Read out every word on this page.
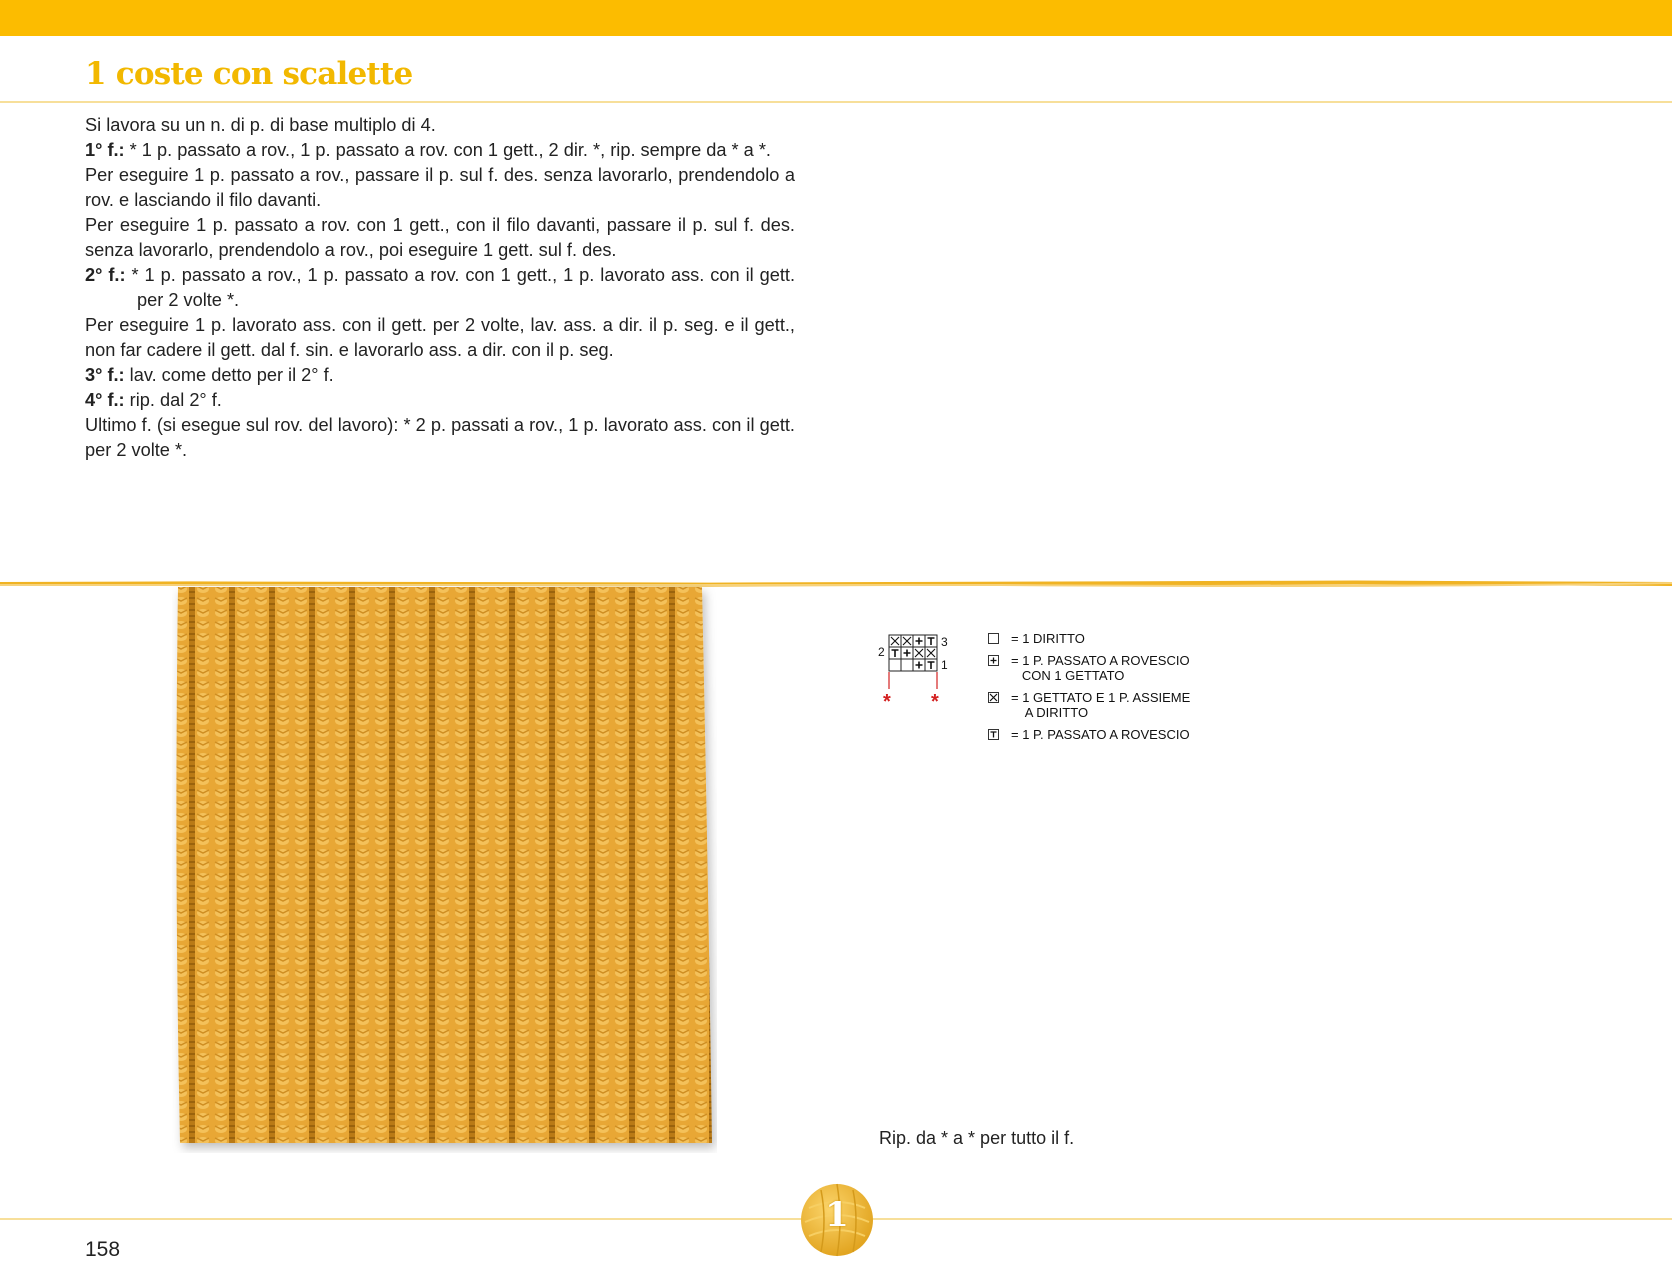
1 coste con scalette

Si lavora su un n. di p. di base multiplo di 4.

1° f.: * 1 p. passato a rov., 1 p. passato a rov. con 1 gett., 2 dir. *, rip. sempre da * a *.

Per eseguire 1 p. passato a rov., passare il p. sul f. des. senza lavorarlo, prendendolo a rov. e lasciando il filo davanti.

Per eseguire 1 p. passato a rov. con 1 gett., con il filo davanti, passare il p. sul f. des. senza lavorarlo, prendendolo a rov., poi eseguire 1 gett. sul f. des.

2° f.: * 1 p. passato a rov., 1 p. passato a rov. con 1 gett., 1 p. lavorato ass. con il gett. per 2 volte *.

Per eseguire 1 p. lavorato ass. con il gett. per 2 volte, lav. ass. a dir. il p. seg. e il gett., non far cadere il gett. dal f. sin. e lavorarlo ass. a dir. con il p. seg.

3° f.: lav. come detto per il 2° f.

4° f.: rip. dal 2° f.

Ultimo f. (si esegue sul rov. del lavoro): * 2 p. passati a rov., 1 p. lavorato ass. con il gett. per 2 volte *.

3
2
1
* *
= 1 DIRITTO
= 1 P. PASSATO A ROVESCIO
CON 1 GETTATO
= 1 GETTATO E 1 P. ASSIEME
A DIRITTO
= 1 P. PASSATO A ROVESCIO

Rip. da * a * per tutto il f.

1

158
